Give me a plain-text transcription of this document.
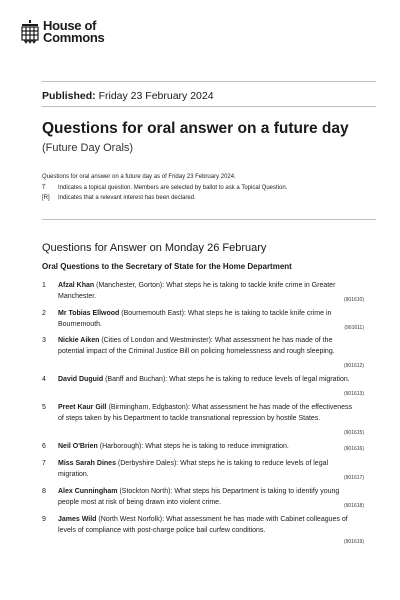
House of
Commons
Published: Friday 23 February 2024
Questions for oral answer on a future day
(Future Day Orals)
Questions for oral answer on a future day as of Friday 23 February 2024.
T Indicates a topical question. Members are selected by ballot to ask a Topical Question.
[R] Indicates that a relevant interest has been declared.
Questions for Answer on Monday 26 February
Oral Questions to the Secretary of State for the Home Department
1	Afzal Khan (Manchester, Gorton): What steps he is taking to tackle knife crime in Greater Manchester.
(901610)
2	Mr Tobias Ellwood (Bournemouth East): What steps he is taking to tackle knife crime in Bournemouth.
(901611)
3	Nickie Aiken (Cities of London and Westminster): What assessment he has made of the potential impact of the Criminal Justice Bill on policing homelessness and rough sleeping.
(901612)
4	David Duguid (Banff and Buchan): What steps he is taking to reduce levels of legal migration.
(901613)
5	Preet Kaur Gill (Birmingham, Edgbaston): What assessment he has made of the effectiveness of steps taken by his Department to tackle transnational repression by hostile States.
(901615)
6	Neil O'Brien (Harborough): What steps he is taking to reduce immigration.	(901616)
7	Miss Sarah Dines (Derbyshire Dales): What steps he is taking to reduce levels of legal migration.
(901617)
8	Alex Cunningham (Stockton North): What steps his Department is taking to identify young people most at risk of being drawn into violent crime.
(901618)
9	James Wild (North West Norfolk): What assessment he has made with Cabinet colleagues of levels of compliance with post-charge police bail curfew conditions.
(901619)
